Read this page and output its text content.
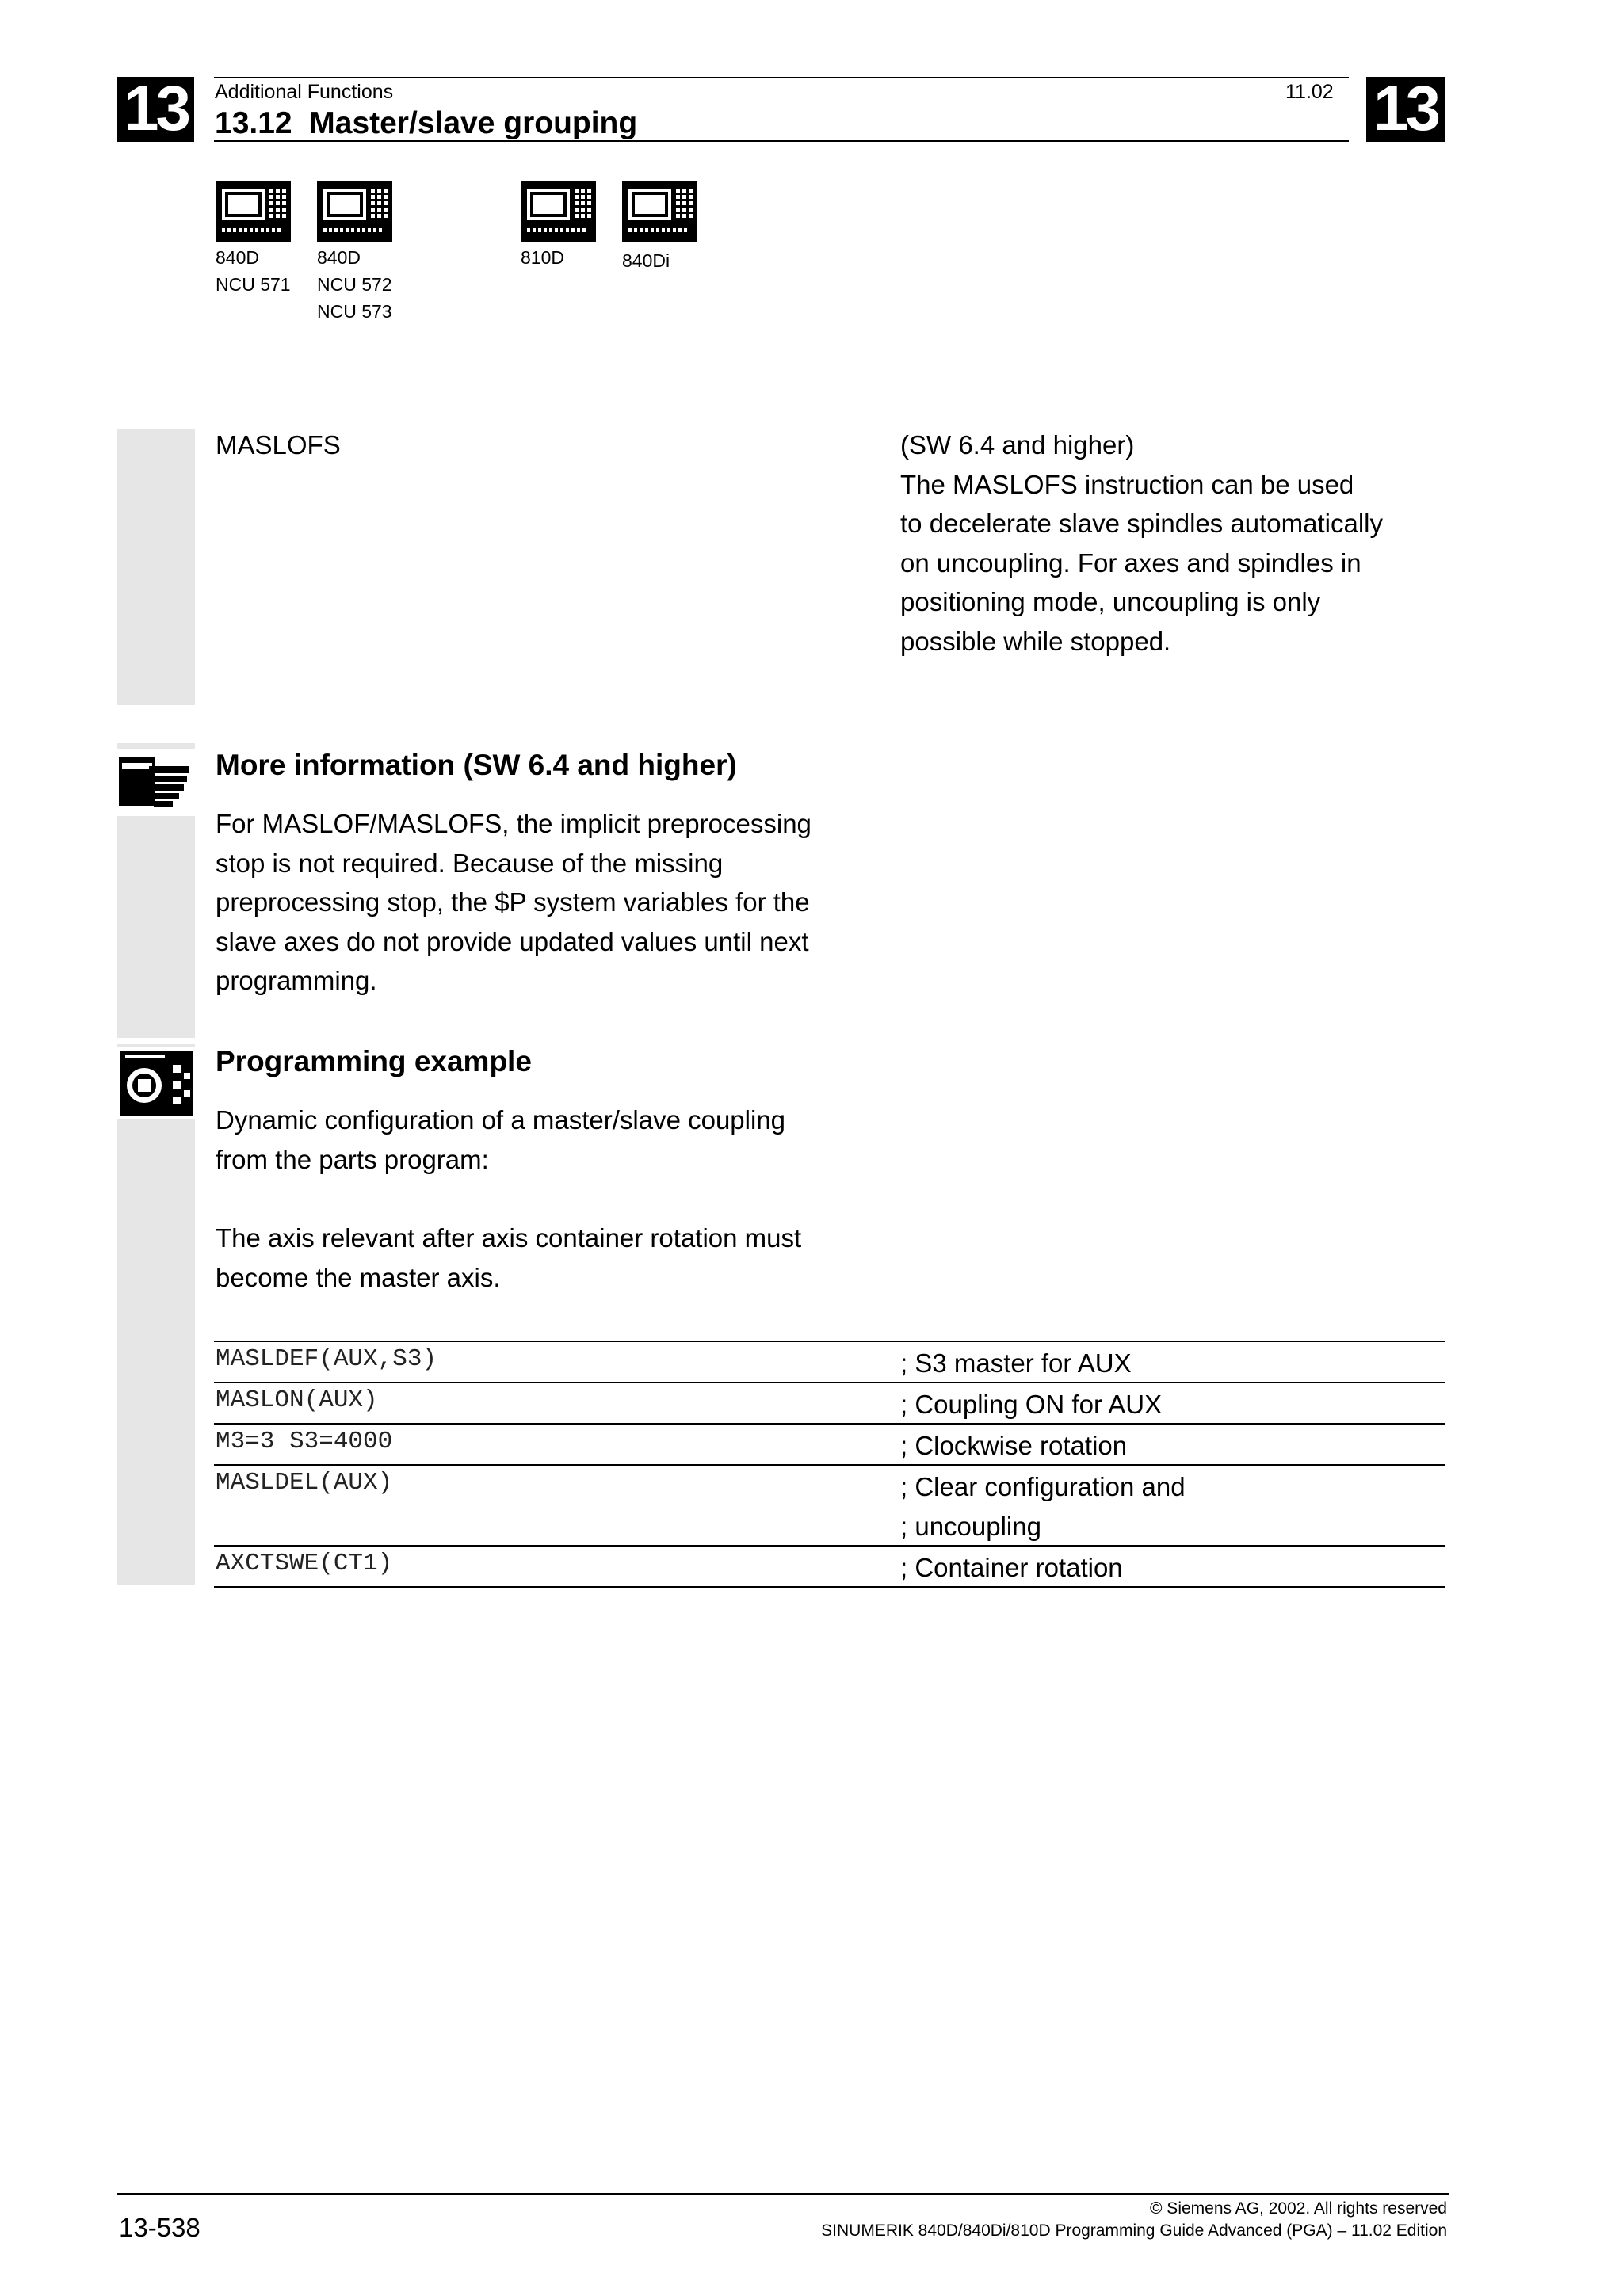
13	13
Additional Functions	11.02
13.12  Master/slave grouping
840D
NCU 571
840D
NCU 572
NCU 573
810D	840Di
MASLOFS	(SW 6.4 and higher)
The MASLOFS instruction can be used
to decelerate slave spindles automatically
on uncoupling. For axes and spindles in
positioning mode, uncoupling is only
possible while stopped.
More information (SW 6.4 and higher)
For MASLOF/MASLOFS, the implicit preprocessing
stop is not required. Because of the missing
preprocessing stop, the $P system variables for the
slave axes do not provide updated values until next
programming.
Programming example
Dynamic configuration of a master/slave coupling
from the parts program:
The axis relevant after axis container rotation must
become the master axis.
MASLDEF(AUX,S3)	; S3 master for AUX
MASLON(AUX)	; Coupling ON for AUX
M3=3 S3=4000	; Clockwise rotation
MASLDEL(AUX)	; Clear configuration and
; uncoupling
AXCTSWE(CT1)	; Container rotation
13-538
© Siemens AG, 2002. All rights reserved
SINUMERIK 840D/840Di/810D Programming Guide Advanced (PGA) – 11.02 Edition
